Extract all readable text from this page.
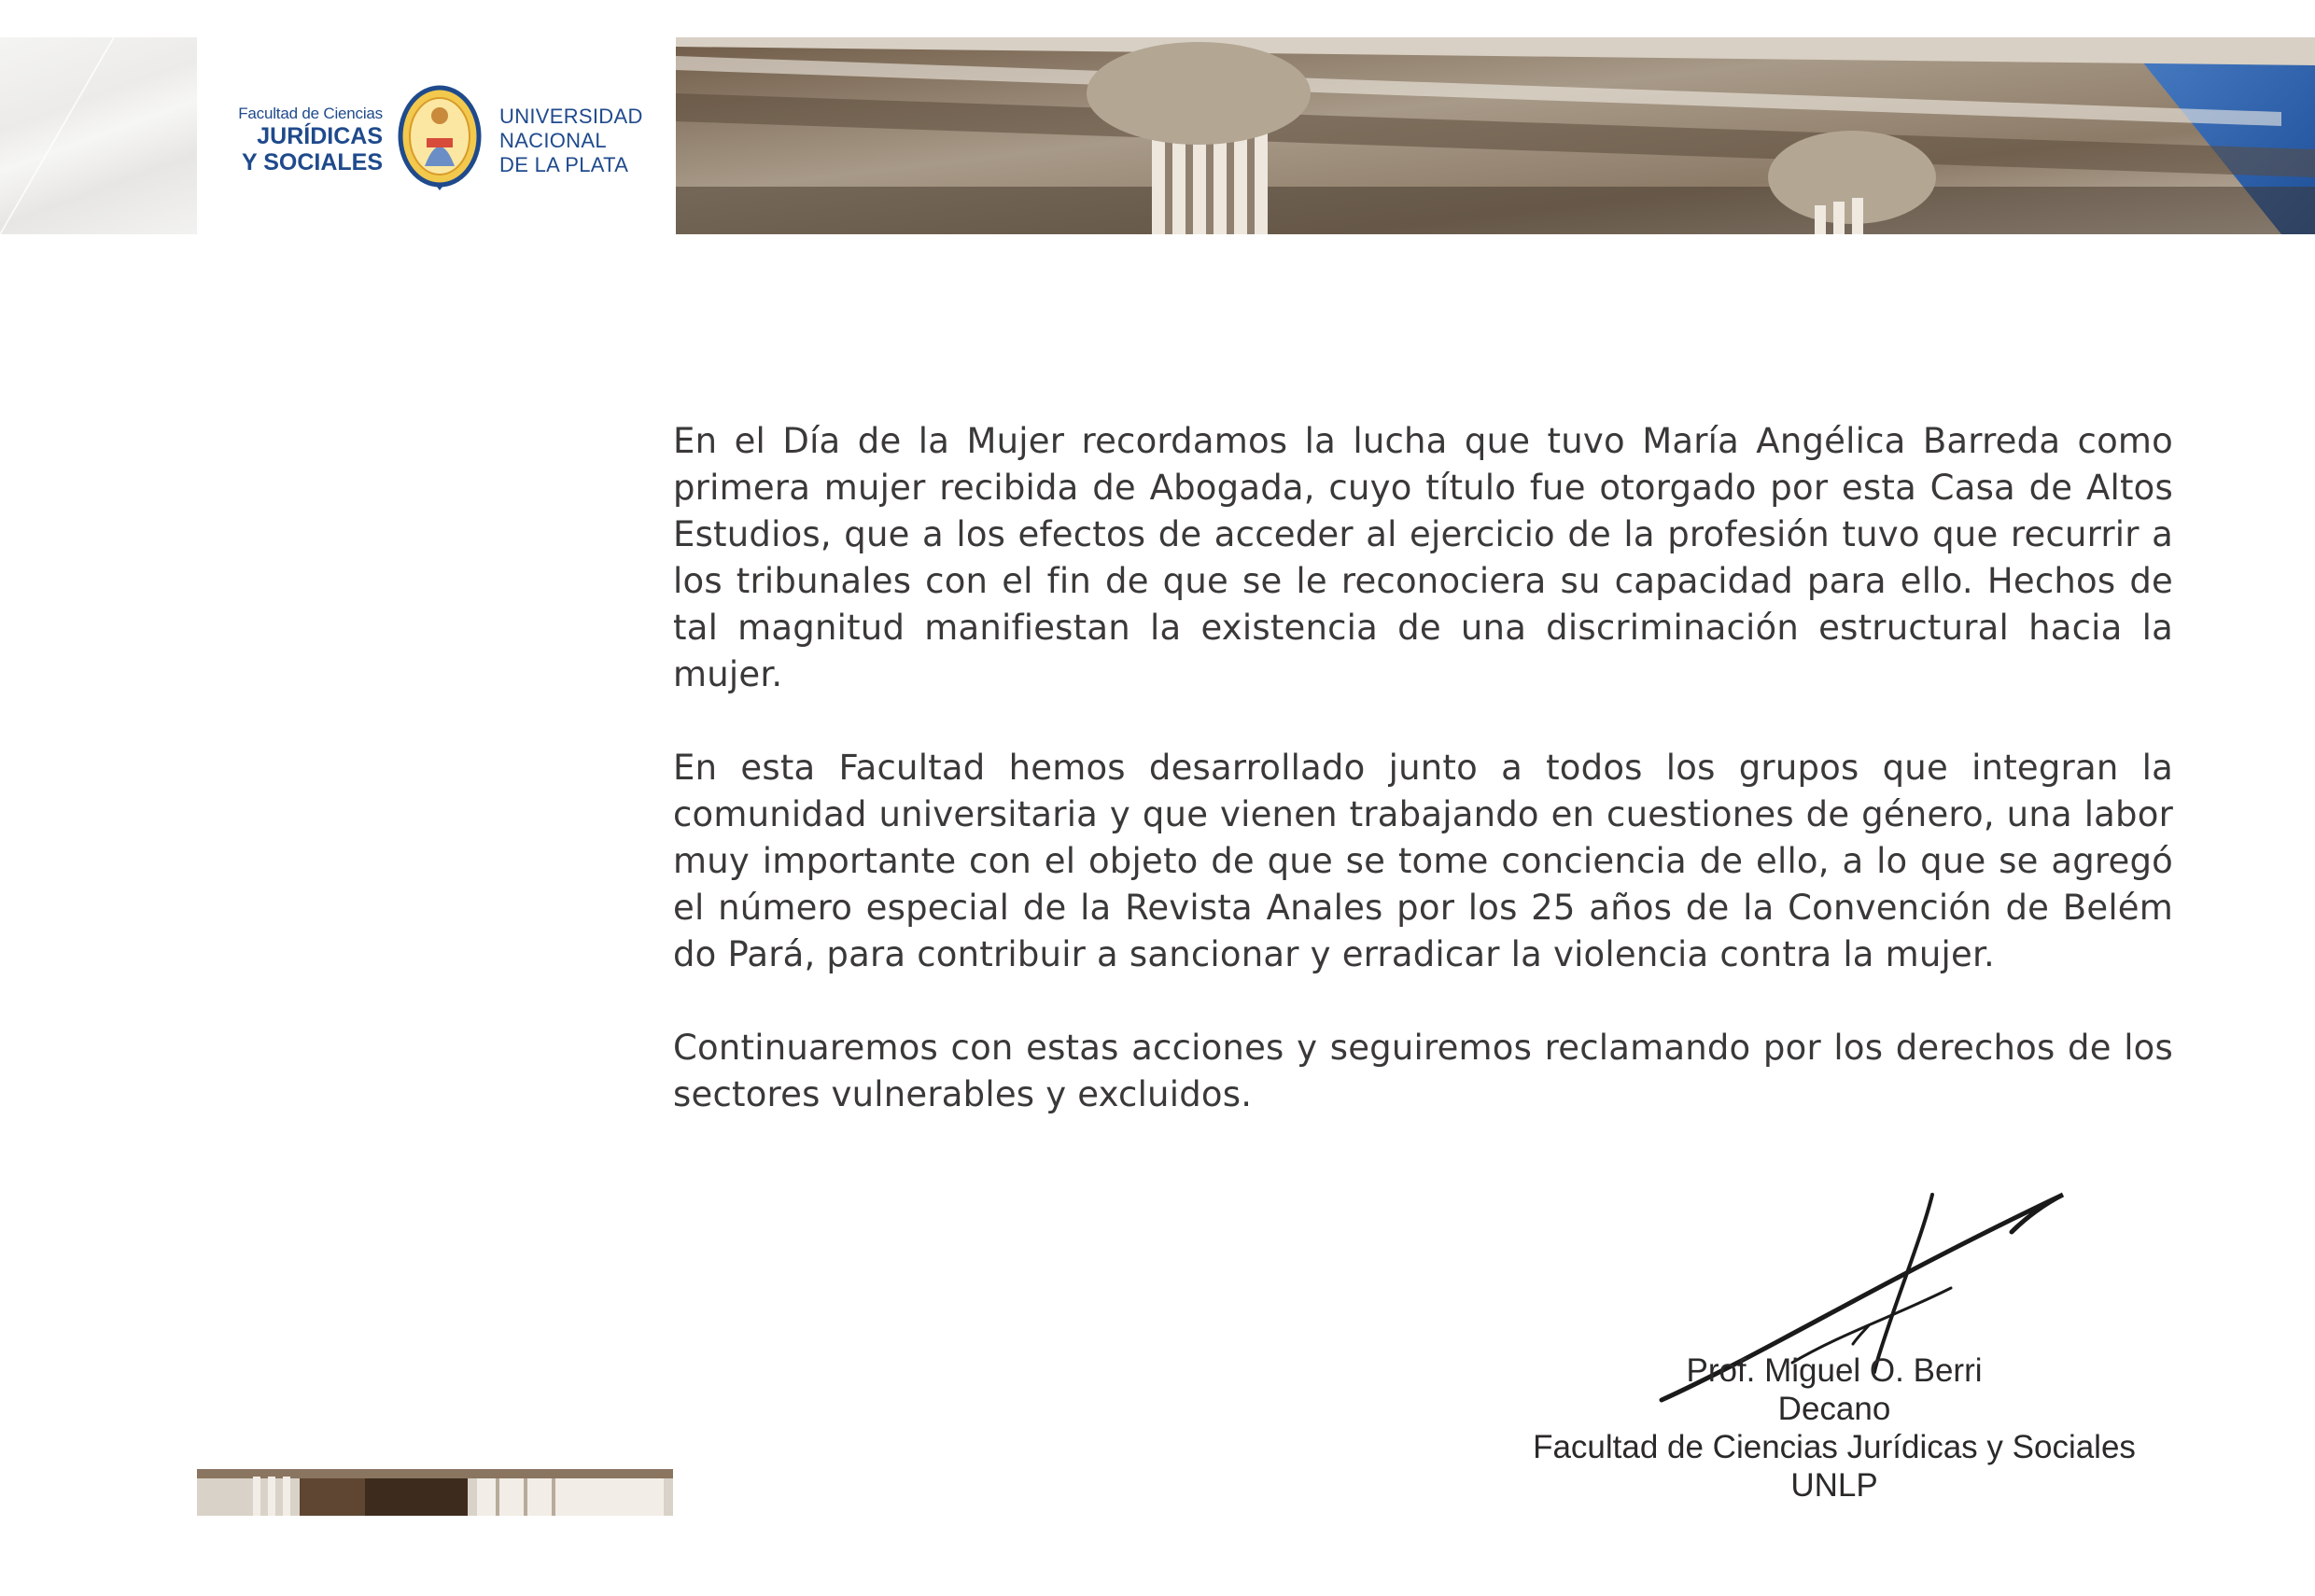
Facultad de Ciencias
JURÍDICAS
Y SOCIALES
UNIVERSIDAD
NACIONAL
DE LA PLATA

En el Día de la Mujer recordamos la lucha que tuvo María Angélica Barreda como primera mujer recibida de Abogada, cuyo título fue otorgado por esta Casa de Altos Estudios, que a los efectos de acceder al ejercicio de la profesión tuvo que recurrir a los tribunales con el fin de que se le reconociera su capacidad para ello. Hechos de tal magnitud manifiestan la existencia de una discriminación estructural hacia la mujer.

En esta Facultad hemos desarrollado junto a todos los grupos que integran la comunidad universitaria y que vienen trabajando en cuestiones de género, una labor muy importante con el objeto de que se tome conciencia de ello, a lo que se agregó el número especial de la Revista Anales por los 25 años de la Convención de Belém do Pará, para contribuir a sancionar y erradicar la violencia contra la mujer.

Continuaremos con estas acciones y seguiremos reclamando por los derechos de los sectores vulnerables y excluidos.

Prof. Miguel O. Berri
Decano
Facultad de Ciencias Jurídicas y Sociales
UNLP
